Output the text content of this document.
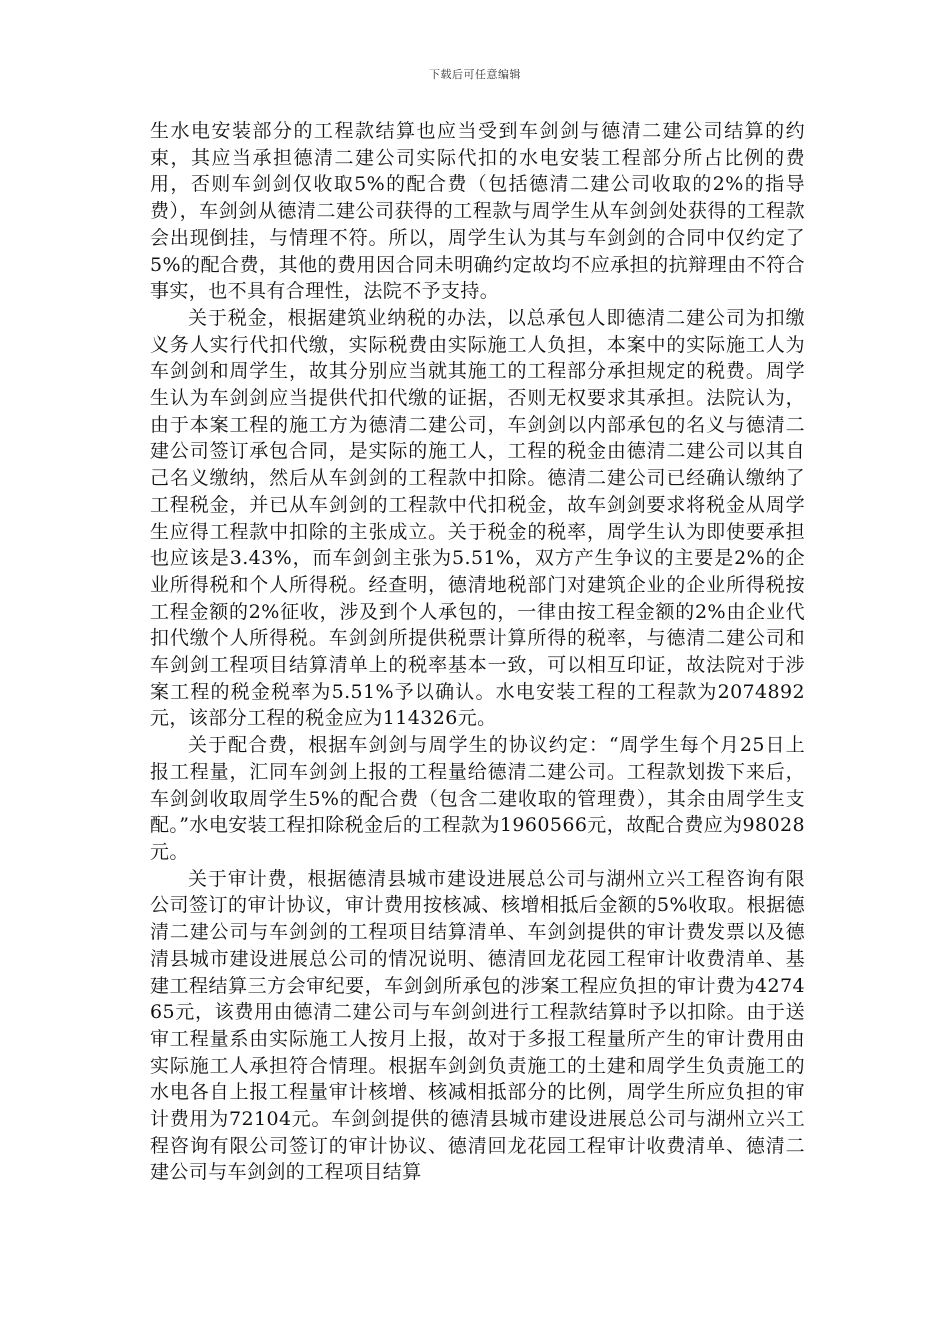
下载后可任意编辑

生水电安装部分的工程款结算也应当受到车剑剑与德清二建公司结算的约束，其应当承担德清二建公司实际代扣的水电安装工程部分所占比例的费用，否则车剑剑仅收取5%的配合费（包括德清二建公司收取的2%的指导费），车剑剑从德清二建公司获得的工程款与周学生从车剑剑处获得的工程款会出现倒挂，与情理不符。所以，周学生认为其与车剑剑的合同中仅约定了5%的配合费，其他的费用因合同未明确约定故均不应承担的抗辩理由不符合事实，也不具有合理性，法院不予支持。

关于税金，根据建筑业纳税的办法，以总承包人即德清二建公司为扣缴义务人实行代扣代缴，实际税费由实际施工人负担，本案中的实际施工人为车剑剑和周学生，故其分别应当就其施工的工程部分承担规定的税费。周学生认为车剑剑应当提供代扣代缴的证据，否则无权要求其承担。法院认为，由于本案工程的施工方为德清二建公司，车剑剑以内部承包的名义与德清二建公司签订承包合同，是实际的施工人，工程的税金由德清二建公司以其自己名义缴纳，然后从车剑剑的工程款中扣除。德清二建公司已经确认缴纳了工程税金，并已从车剑剑的工程款中代扣税金，故车剑剑要求将税金从周学生应得工程款中扣除的主张成立。关于税金的税率，周学生认为即使要承担也应该是3.43%，而车剑剑主张为5.51%，双方产生争议的主要是2%的企业所得税和个人所得税。经查明，德清地税部门对建筑企业的企业所得税按工程金额的2%征收，涉及到个人承包的，一律由按工程金额的2%由企业代扣代缴个人所得税。车剑剑所提供税票计算所得的税率，与德清二建公司和车剑剑工程项目结算清单上的税率基本一致，可以相互印证，故法院对于涉案工程的税金税率为5.51%予以确认。水电安装工程的工程款为2074892元，该部分工程的税金应为114326元。

关于配合费，根据车剑剑与周学生的协议约定：“周学生每个月25日上报工程量，汇同车剑剑上报的工程量给德清二建公司。工程款划拨下来后，车剑剑收取周学生5%的配合费（包含二建收取的管理费），其余由周学生支配。”水电安装工程扣除税金后的工程款为1960566元，故配合费应为98028元。

关于审计费，根据德清县城市建设进展总公司与湖州立兴工程咨询有限公司签订的审计协议，审计费用按核减、核增相抵后金额的5%收取。根据德清二建公司与车剑剑的工程项目结算清单、车剑剑提供的审计费发票以及德清县城市建设进展总公司的情况说明、德清回龙花园工程审计收费清单、基建工程结算三方会审纪要，车剑剑所承包的涉案工程应负担的审计费为427465元，该费用由德清二建公司与车剑剑进行工程款结算时予以扣除。由于送审工程量系由实际施工人按月上报，故对于多报工程量所产生的审计费用由实际施工人承担符合情理。根据车剑剑负责施工的土建和周学生负责施工的水电各自上报工程量审计核增、核减相抵部分的比例，周学生所应负担的审计费用为72104元。车剑剑提供的德清县城市建设进展总公司与湖州立兴工程咨询有限公司签订的审计协议、德清回龙花园工程审计收费清单、德清二建公司与车剑剑的工程项目结算
